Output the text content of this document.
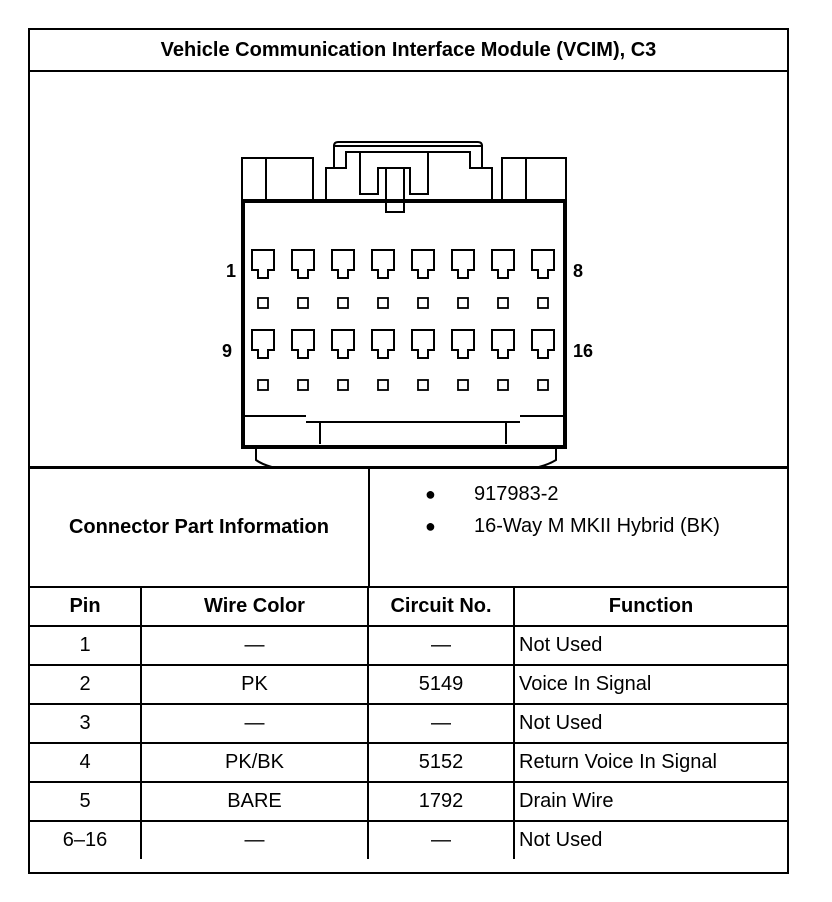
Vehicle Communication Interface Module (VCIM), C3
1	8
9	16
Connector Part Information
● 917983-2
● 16-Way M MKII Hybrid (BK)
Pin	Wire Color	Circuit No.	Function
1	—	—	Not Used
2	PK	5149	Voice In Signal
3	—	—	Not Used
4	PK/BK	5152	Return Voice In Signal
5	BARE	1792	Drain Wire
6–16	—	—	Not Used
